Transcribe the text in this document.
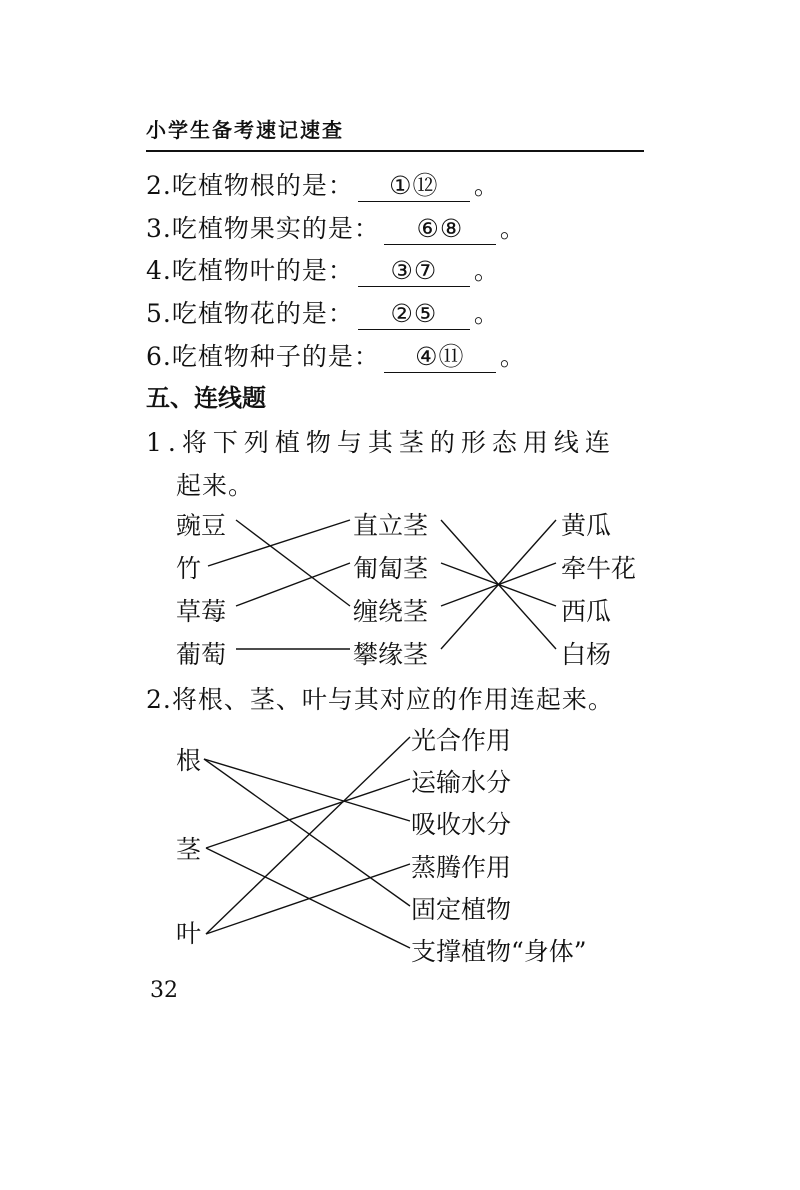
小学生备考速记速查
2.吃植物根的是： ①⑫ 。
3.吃植物果实的是： ⑥⑧ 。
4.吃植物叶的是： ③⑦ 。
5.吃植物花的是： ②⑤ 。
6.吃植物种子的是： ④⑪ 。
五、连线题
1.将下列植物与其茎的形态用线连
起来。
豌豆
竹
草莓
葡萄
直立茎
匍匐茎
缠绕茎
攀缘茎
黄瓜
牵牛花
西瓜
白杨
2.将根、茎、叶与其对应的作用连起来。
根
茎
叶
光合作用
运输水分
吸收水分
蒸腾作用
固定植物
支撑植物“身体”
32
